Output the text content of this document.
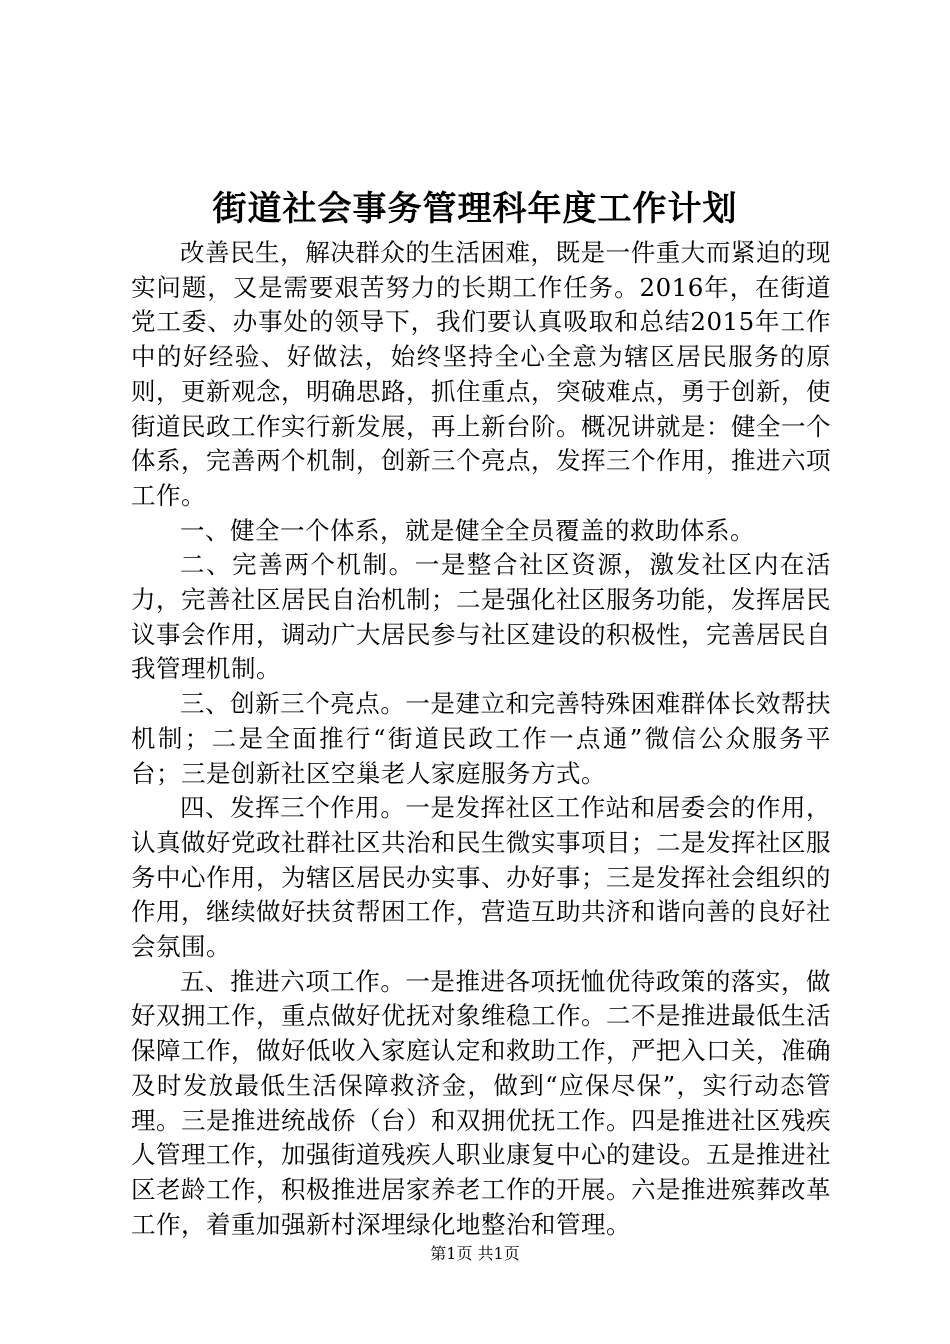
街道社会事务管理科年度工作计划

改善民生，解决群众的生活困难，既是一件重大而紧迫的现实问题，又是需要艰苦努力的长期工作任务。2016年，在街道党工委、办事处的领导下，我们要认真吸取和总结2015年工作中的好经验、好做法，始终坚持全心全意为辖区居民服务的原则，更新观念，明确思路，抓住重点，突破难点，勇于创新，使街道民政工作实行新发展，再上新台阶。概况讲就是：健全一个体系，完善两个机制，创新三个亮点，发挥三个作用，推进六项工作。

一、健全一个体系，就是健全全员覆盖的救助体系。

二、完善两个机制。一是整合社区资源，激发社区内在活力，完善社区居民自治机制；二是强化社区服务功能，发挥居民议事会作用，调动广大居民参与社区建设的积极性，完善居民自我管理机制。

三、创新三个亮点。一是建立和完善特殊困难群体长效帮扶机制；二是全面推行“街道民政工作一点通”微信公众服务平台；三是创新社区空巢老人家庭服务方式。

四、发挥三个作用。一是发挥社区工作站和居委会的作用，认真做好党政社群社区共治和民生微实事项目；二是发挥社区服务中心作用，为辖区居民办实事、办好事；三是发挥社会组织的作用，继续做好扶贫帮困工作，营造互助共济和谐向善的良好社会氛围。

五、推进六项工作。一是推进各项抚恤优待政策的落实，做好双拥工作，重点做好优抚对象维稳工作。二不是推进最低生活保障工作，做好低收入家庭认定和救助工作，严把入口关，准确及时发放最低生活保障救济金，做到“应保尽保”，实行动态管理。三是推进统战侨（台）和双拥优抚工作。四是推进社区残疾人管理工作，加强街道残疾人职业康复中心的建设。五是推进社区老龄工作，积极推进居家养老工作的开展。六是推进殡葬改革工作，着重加强新村深埋绿化地整治和管理。

第1页 共1页
